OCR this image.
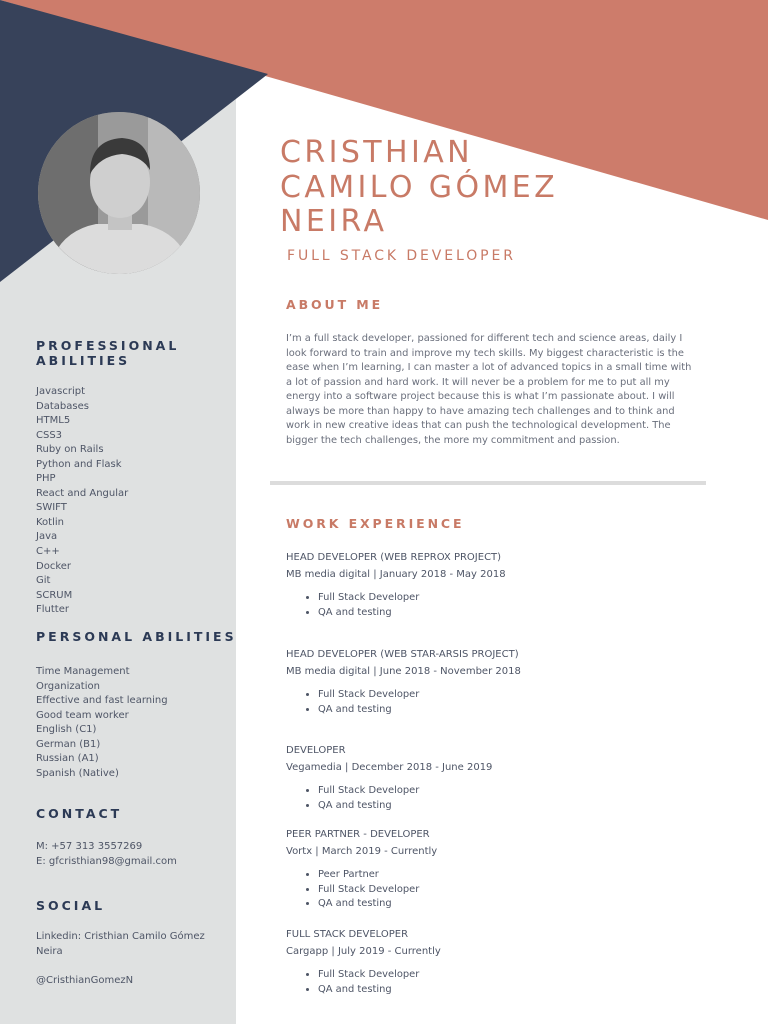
CRISTHIAN
CAMILO GÓMEZ
NEIRA
FULL STACK DEVELOPER
PROFESSIONAL
ABILITIES
Javascript
Databases
HTML5
CSS3
Ruby on Rails
Python and Flask
PHP
React and Angular
SWIFT
Kotlin
Java
C++
Docker
Git
SCRUM
Flutter
PERSONAL ABILITIES
Time Management
Organization
Effective and fast learning
Good team worker
English (C1)
German (B1)
Russian (A1)
Spanish (Native)
CONTACT
M: +57 313 3557269
E: gfcristhian98@gmail.com
SOCIAL
Linkedin: Cristhian Camilo Gómez
Neira
@CristhianGomezN
ABOUT ME

I’m a full stack developer, passioned for different tech and science areas, daily I look forward to train and improve my tech skills. My biggest characteristic is the ease when I’m learning, I can master a lot of advanced topics in a small time with a lot of passion and hard work. It will never be a problem for me to put all my energy into a software project because this is what I’m passionate about. I will always be more than happy to have amazing tech challenges and to think and work in new creative ideas that can push the technological development. The bigger the tech challenges, the more my commitment and passion.

WORK EXPERIENCE
HEAD DEVELOPER (WEB REPROX PROJECT)
MB media digital | January 2018 - May 2018
• Full Stack Developer
• QA and testing
HEAD DEVELOPER (WEB STAR-ARSIS PROJECT)
MB media digital | June 2018 - November 2018
• Full Stack Developer
• QA and testing
DEVELOPER
Vegamedia | December 2018 - June 2019
• Full Stack Developer
• QA and testing
PEER PARTNER - DEVELOPER
Vortx | March 2019 - Currently
• Peer Partner
• Full Stack Developer
• QA and testing
FULL STACK DEVELOPER
Cargapp | July 2019 - Currently
• Full Stack Developer
• QA and testing
